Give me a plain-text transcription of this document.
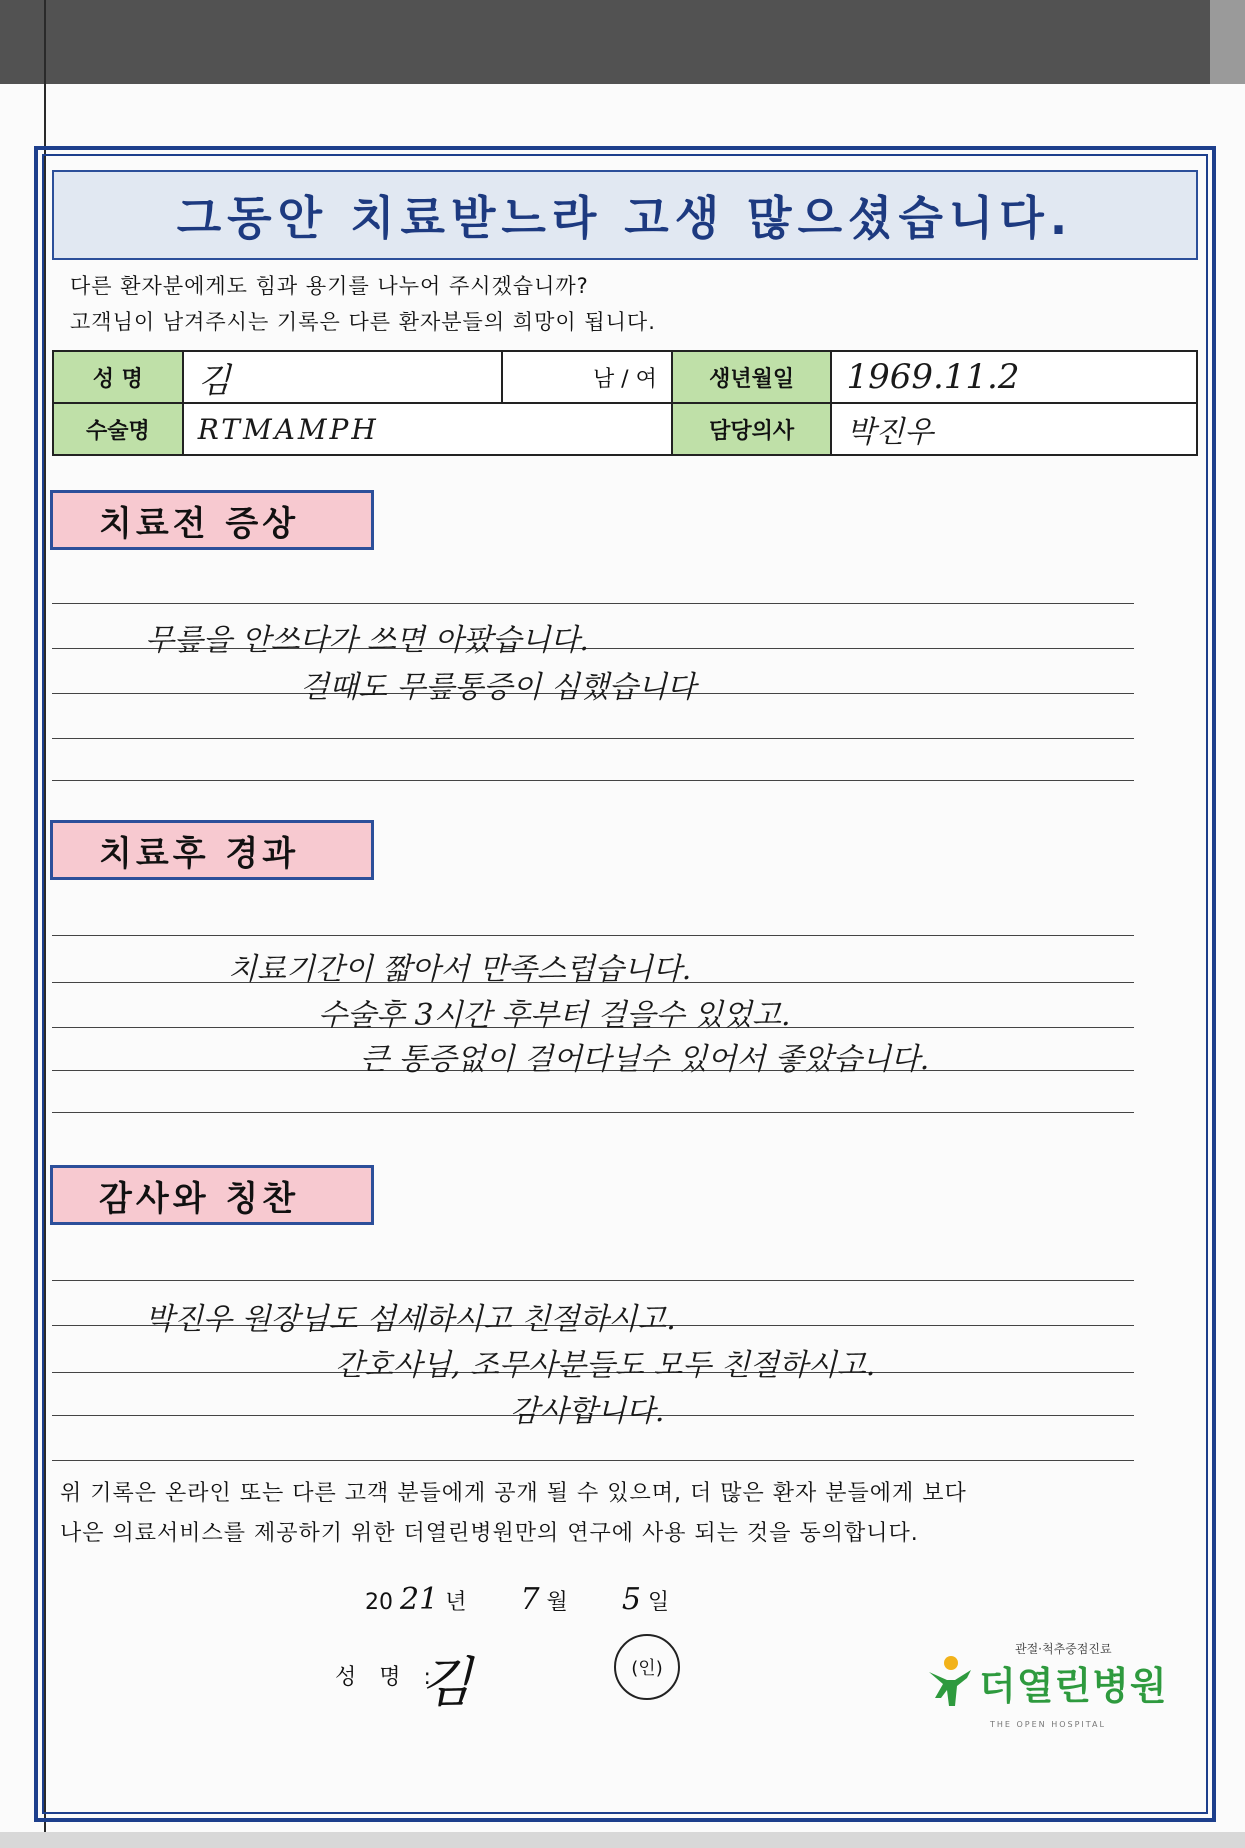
그동안 치료받느라 고생 많으셨습니다.
다른 환자분에게도 힘과 용기를 나누어 주시겠습니까?
고객님이 남겨주시는 기록은 다른 환자분들의 희망이 됩니다.
성 명	김	남 / 여	생년월일	1969.11.2
수술명	RTMAMPH		담당의사	박진우
치료전 증상
무릎을 안쓰다가 쓰면 아팠습니다.
걸때도 무릎통증이 심했습니다
치료후 경과
치료기간이 짧아서 만족스럽습니다.
수술후 3시간 후부터 걸을수 있었고.
큰 통증없이 걸어다닐수 있어서 좋았습니다.
감사와 칭찬
박진우 원장님도 섬세하시고 친절하시고.
간호사님, 조무사분들도 모두 친절하시고.
감사합니다.
위 기록은 온라인 또는 다른 고객 분들에게 공개 될 수 있으며, 더 많은 환자 분들에게 보다
나은 의료서비스를 제공하기 위한 더열린병원만의 연구에 사용 되는 것을 동의합니다.
20 21 년 7 월 5 일
성 명 :
김	(인)
관절·척추중점진료
더열린병원
THE OPEN HOSPITAL
